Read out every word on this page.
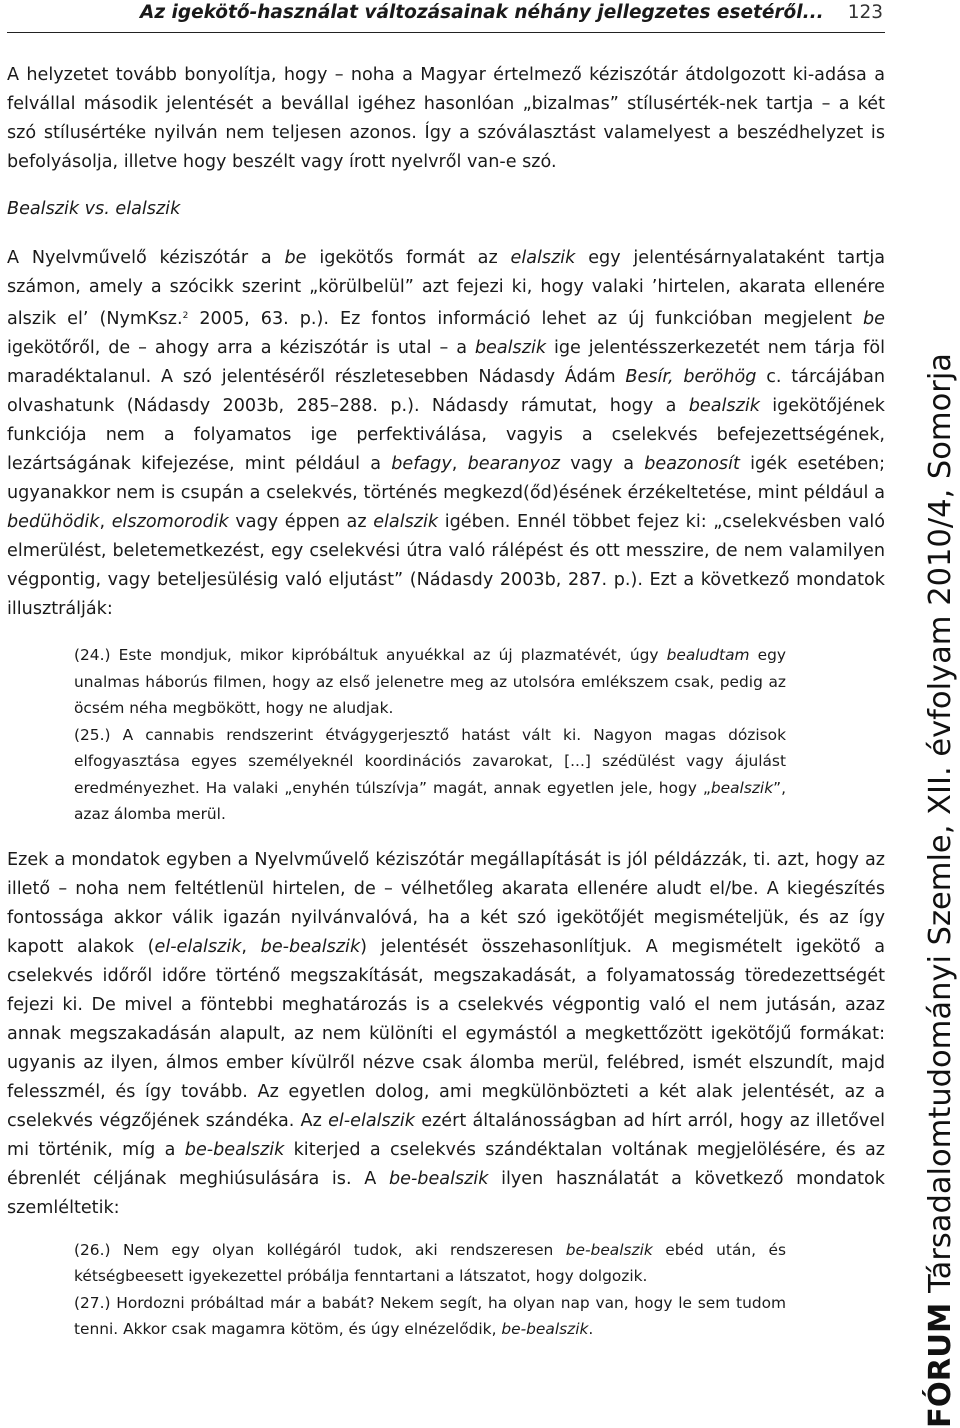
Az igekötő-használat változásainak néhány jellegzetes esetéről... 123

A helyzetet tovább bonyolítja, hogy – noha a Magyar értelmező kéziszótár átdolgozott ki-adása a felvállal második jelentését a bevállal igéhez hasonlóan „bizalmas” stílusérték-nek tartja – a két szó stílusértéke nyilván nem teljesen azonos. Így a szóválasztást valamelyest a beszédhelyzet is befolyásolja, illetve hogy beszélt vagy írott nyelvről van-e szó.

Bealszik vs. elalszik

A Nyelvművelő kéziszótár a be igekötős formát az elalszik egy jelentésárnyalataként tartja számon, amely a szócikk szerint „körülbelül” azt fejezi ki, hogy valaki ’hirtelen, akarata ellenére alszik el’ (NymKsz.$^2$ 2005, 63. p.). Ez fontos információ lehet az új funkcióban megjelent be igekötőről, de – ahogy arra a kéziszótár is utal – a bealszik ige jelentésszerkezetét nem tárja föl maradéktalanul. A szó jelentéséről részletesebben Nádasdy Ádám Besír, beröhög c. tárcájában olvashatunk (Nádasdy 2003b, 285–288. p.). Nádasdy rámutat, hogy a bealszik igekötőjének funkciója nem a folyamatos ige perfektiválása, vagyis a cselekvés befejezettségének, lezártságának kifejezése, mint például a befagy, bearanyoz vagy a beazonosít igék esetében; ugyanakkor nem is csupán a cselekvés, történés megkezd(őd)ésének érzékeltetése, mint például a bedühödik, elszomorodik vagy éppen az elalszik igében. Ennél többet fejez ki: „cselekvésben való elmerülést, beletemetkezést, egy cselekvési útra való rálépést és ott messzire, de nem valamilyen végpontig, vagy beteljesülésig való eljutást” (Nádasdy 2003b, 287. p.). Ezt a következő mondatok illusztrálják:

(24.) Este mondjuk, mikor kipróbáltuk anyuékkal az új plazmatévét, úgy bealudtam egy unalmas háborús filmen, hogy az első jelenetre meg az utolsóra emlékszem csak, pedig az öcsém néha megbökött, hogy ne aludjak.

(25.) A cannabis rendszerint étvágygerjesztő hatást vált ki. Nagyon magas dózisok elfogyasztása egyes személyeknél koordinációs zavarokat, [...] szédülést vagy ájulást eredményezhet. Ha valaki „enyhén túlszívja” magát, annak egyetlen jele, hogy „bealszik”, azaz álomba merül.

Ezek a mondatok egyben a Nyelvművelő kéziszótár megállapítását is jól példázzák, ti. azt, hogy az illető – noha nem feltétlenül hirtelen, de – vélhetőleg akarata ellenére aludt el/be. A kiegészítés fontossága akkor válik igazán nyilvánvalóvá, ha a két szó igekötőjét megismételjük, és az így kapott alakok (el-elalszik, be-bealszik) jelentését összehasonlítjuk. A megismételt igekötő a cselekvés időről időre történő megszakítását, megszakadását, a folyamatosság töredezettségét fejezi ki. De mivel a föntebbi meghatározás is a cselekvés végpontig való el nem jutásán, azaz annak megszakadásán alapult, az nem különíti el egymástól a megkettőzött igekötőjű formákat: ugyanis az ilyen, álmos ember kívülről nézve csak álomba merül, felébred, ismét elszundít, majd felesszmél, és így tovább. Az egyetlen dolog, ami megkülönbözteti a két alak jelentését, az a cselekvés végzőjének szándéka. Az el-elalszik ezért általánosságban ad hírt arról, hogy az illetővel mi történik, míg a be-bealszik kiterjed a cselekvés szándéktalan voltának megjelölésére, és az ébrenlét céljának meghiúsulására is. A be-bealszik ilyen használatát a következő mondatok szemléltetik:

(26.) Nem egy olyan kollégáról tudok, aki rendszeresen be-bealszik ebéd után, és kétségbeesett igyekezettel próbálja fenntartani a látszatot, hogy dolgozik.

(27.) Hordozni próbáltad már a babát? Nekem segít, ha olyan nap van, hogy le sem tudom tenni. Akkor csak magamra kötöm, és úgy elnézelődik, be-bealszik.	FÓRUM Társadalomtudományi Szemle, XII. évfolyam 2010/4, Somorja
